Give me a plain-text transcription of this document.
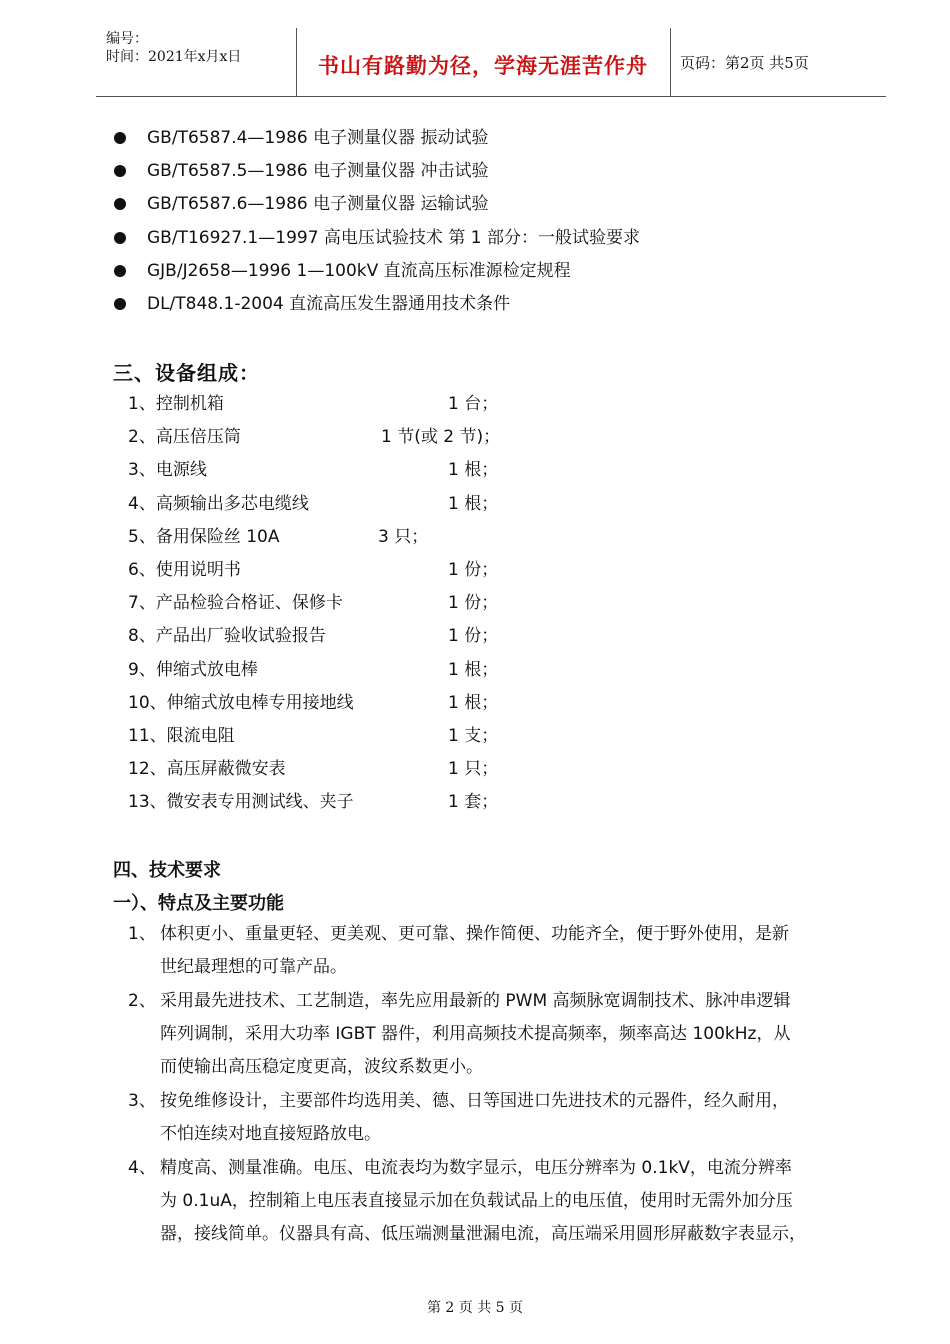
编号：
时间：2021年x月x日	书山有路勤为径，学海无涯苦作舟	页码：第2页 共5页
GB/T6587.4—1986 电子测量仪器 振动试验
GB/T6587.5—1986 电子测量仪器 冲击试验
GB/T6587.6—1986 电子测量仪器 运输试验
GB/T16927.1—1997 高电压试验技术 第 1 部分：一般试验要求
GJB/J2658—1996 1—100kV 直流高压标准源检定规程
DL/T848.1-2004 直流高压发生器通用技术条件
三、设备组成：
1、控制机箱	1 台；
2、高压倍压筒	1 节(或 2 节)；
3、电源线	1 根；
4、高频输出多芯电缆线	1 根；
5、备用保险丝 10A	3 只；
6、使用说明书	1 份；
7、产品检验合格证、保修卡	1 份；
8、产品出厂验收试验报告	1 份；
9、伸缩式放电棒	1 根；
10、伸缩式放电棒专用接地线	1 根；
11、限流电阻	1 支；
12、高压屏蔽微安表	1 只；
13、微安表专用测试线、夹子	1 套；
四、技术要求
一）、特点及主要功能
1、 体积更小、重量更轻、更美观、更可靠、操作简便、功能齐全，便于野外使用，是新
世纪最理想的可靠产品。
2、 采用最先进技术、工艺制造，率先应用最新的 PWM 高频脉宽调制技术、脉冲串逻辑
阵列调制，采用大功率 IGBT 器件，利用高频技术提高频率，频率高达 100kHz，从
而使输出高压稳定度更高，波纹系数更小。
3、 按免维修设计，主要部件均选用美、德、日等国进口先进技术的元器件，经久耐用，
不怕连续对地直接短路放电。
4、 精度高、测量准确。电压、电流表均为数字显示，电压分辨率为 0.1kV，电流分辨率
为 0.1uA，控制箱上电压表直接显示加在负载试品上的电压值，使用时无需外加分压
器，接线简单。仪器具有高、低压端测量泄漏电流，高压端采用圆形屏蔽数字表显示，
第 2 页 共 5 页
